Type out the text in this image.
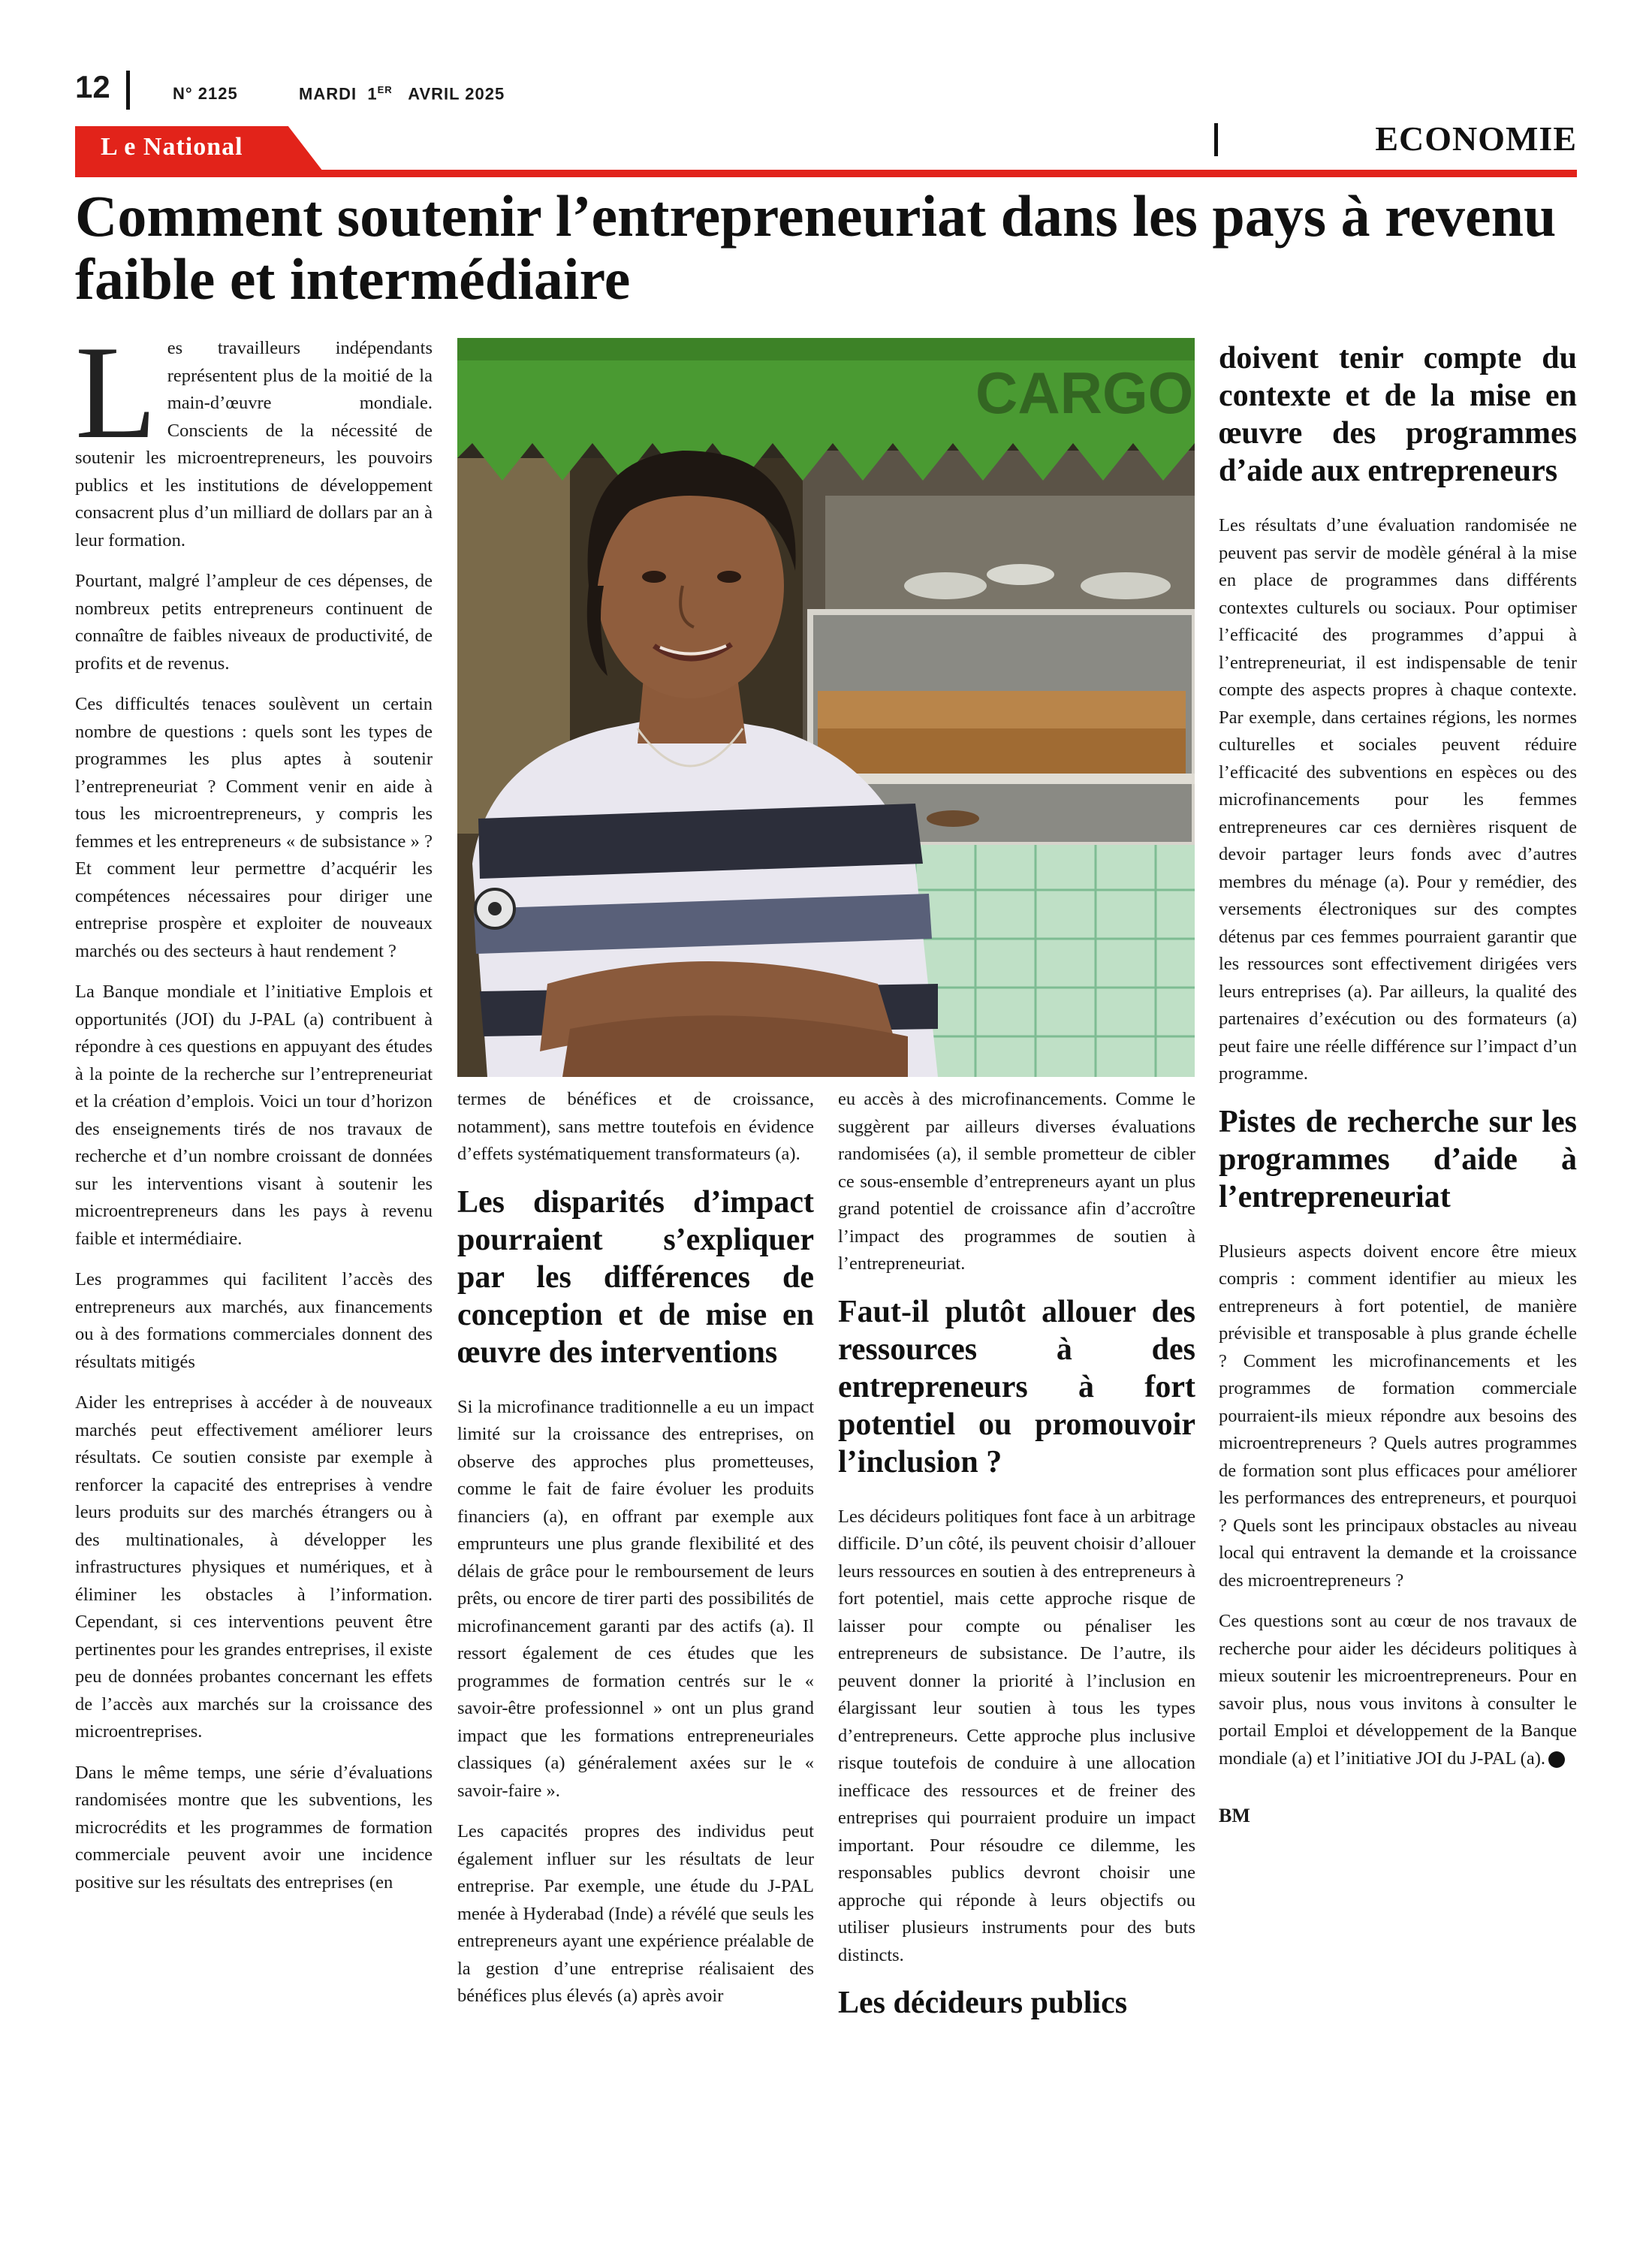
12	N° 2125	MARDI 1ER AVRIL 2025
L e National	ECONOMIE
Comment soutenir l’entrepreneuriat dans les pays à revenu faible et intermédiaire

Les travailleurs indépendants représentent plus de la moitié de la main-d’œuvre mondiale. Conscients de la nécessité de soutenir les microentrepreneurs, les pouvoirs publics et les institutions de développement consacrent plus d’un milliard de dollars par an à leur formation.

Pourtant, malgré l’ampleur de ces dépenses, de nombreux petits entrepreneurs continuent de connaître de faibles niveaux de productivité, de profits et de revenus.

Ces difficultés tenaces soulèvent un certain nombre de questions : quels sont les types de programmes les plus aptes à soutenir l’entrepreneuriat ? Comment venir en aide à tous les microentrepreneurs, y compris les femmes et les entrepreneurs « de subsistance » ? Et comment leur permettre d’acquérir les compétences nécessaires pour diriger une entreprise prospère et exploiter de nouveaux marchés ou des secteurs à haut rendement ?

La Banque mondiale et l’initiative Emplois et opportunités (JOI) du J-PAL (a) contribuent à répondre à ces questions en appuyant des études à la pointe de la recherche sur l’entrepreneuriat et la création d’emplois. Voici un tour d’horizon des enseignements tirés de nos travaux de recherche et d’un nombre croissant de données sur les interventions visant à soutenir les microentrepreneurs dans les pays à revenu faible et intermédiaire.

Les programmes qui facilitent l’accès des entrepreneurs aux marchés, aux financements ou à des formations commerciales donnent des résultats mitigés

Aider les entreprises à accéder à de nouveaux marchés peut effectivement améliorer leurs résultats. Ce soutien consiste par exemple à renforcer la capacité des entreprises à vendre leurs produits sur des marchés étrangers ou à des multinationales, à développer les infrastructures physiques et numériques, et à éliminer les obstacles à l’information. Cependant, si ces interventions peuvent être pertinentes pour les grandes entreprises, il existe peu de données probantes concernant les effets de l’accès aux marchés sur la croissance des microentreprises.

Dans le même temps, une série d’évaluations randomisées montre que les subventions, les microcrédits et les programmes de formation commerciale peuvent avoir une incidence positive sur les résultats des entreprises (en

CARGO

termes de bénéfices et de croissance, notamment), sans mettre toutefois en évidence d’effets systématiquement transformateurs (a).

Les disparités d’impact pourraient s’expliquer par les différences de conception et de mise en œuvre des interventions

Si la microfinance traditionnelle a eu un impact limité sur la croissance des entreprises, on observe des approches plus prometteuses, comme le fait de faire évoluer les produits financiers (a), en offrant par exemple aux emprunteurs une plus grande flexibilité et des délais de grâce pour le remboursement de leurs prêts, ou encore de tirer parti des possibilités de microfinancement garanti par des actifs (a). Il ressort également de ces études que les programmes de formation centrés sur le « savoir-être professionnel » ont un plus grand impact que les formations entrepreneuriales classiques (a) généralement axées sur le « savoir-faire ».

Les capacités propres des individus peut également influer sur les résultats de leur entreprise. Par exemple, une étude du J-PAL menée à Hyderabad (Inde) a révélé que seuls les entrepreneurs ayant une expérience préalable de la gestion d’une entreprise réalisaient des bénéfices plus élevés (a) après avoir

eu accès à des microfinancements. Comme le suggèrent par ailleurs diverses évaluations randomisées (a), il semble prometteur de cibler ce sous-ensemble d’entrepreneurs ayant un plus grand potentiel de croissance afin d’accroître l’impact des programmes de soutien à l’entrepreneuriat.

Faut-il plutôt allouer des ressources à des entrepreneurs à fort potentiel ou promouvoir l’inclusion ?

Les décideurs politiques font face à un arbitrage difficile. D’un côté, ils peuvent choisir d’allouer leurs ressources en soutien à des entrepreneurs à fort potentiel, mais cette approche risque de laisser pour compte ou pénaliser les entrepreneurs de subsistance. De l’autre, ils peuvent donner la priorité à l’inclusion en élargissant leur soutien à tous les types d’entrepreneurs. Cette approche plus inclusive risque toutefois de conduire à une allocation inefficace des ressources et de freiner des entreprises qui pourraient produire un impact important. Pour résoudre ce dilemme, les responsables publics devront choisir une approche qui réponde à leurs objectifs ou utiliser plusieurs instruments pour des buts distincts.

Les décideurs publics
doivent tenir compte du contexte et de la mise en œuvre des programmes d’aide aux entrepreneurs

Les résultats d’une évaluation randomisée ne peuvent pas servir de modèle général à la mise en place de programmes dans différents contextes culturels ou sociaux. Pour optimiser l’efficacité des programmes d’appui à l’entrepreneuriat, il est indispensable de tenir compte des aspects propres à chaque contexte. Par exemple, dans certaines régions, les normes culturelles et sociales peuvent réduire l’efficacité des subventions en espèces ou des microfinancements pour les femmes entrepreneures car ces dernières risquent de devoir partager leurs fonds avec d’autres membres du ménage (a). Pour y remédier, des versements électroniques sur des comptes détenus par ces femmes pourraient garantir que les ressources sont effectivement dirigées vers leurs entreprises (a). Par ailleurs, la qualité des partenaires d’exécution ou des formateurs (a) peut faire une réelle différence sur l’impact d’un programme.

Pistes de recherche sur les programmes d’aide à l’entrepreneuriat

Plusieurs aspects doivent encore être mieux compris : comment identifier au mieux les entrepreneurs à fort potentiel, de manière prévisible et transposable à plus grande échelle ? Comment les microfinancements et les programmes de formation commerciale pourraient-ils mieux répondre aux besoins des microentrepreneurs ? Quels autres programmes de formation sont plus efficaces pour améliorer les performances des entrepreneurs, et pourquoi ? Quels sont les principaux obstacles au niveau local qui entravent la demande et la croissance des microentrepreneurs ?

Ces questions sont au cœur de nos travaux de recherche pour aider les décideurs politiques à mieux soutenir les microentrepreneurs. Pour en savoir plus, nous vous invitons à consulter le portail Emploi et développement de la Banque mondiale (a) et l’initiative JOI du J-PAL (a).

BM
